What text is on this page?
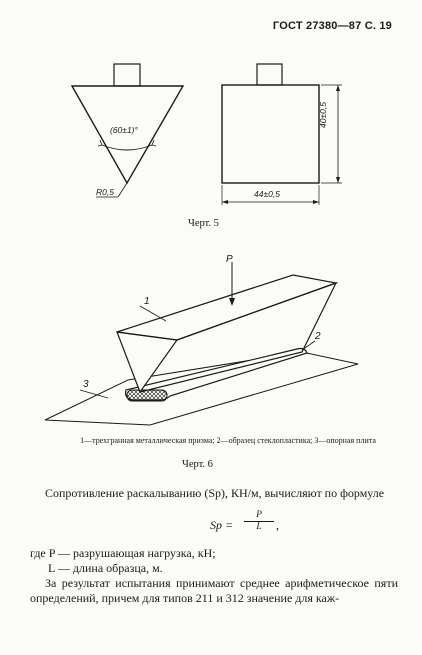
ГОСТ 27380—87 С. 19
(60±1)°
R0,5	44±0,5
40±0,5
Черт. 5
P
1
2
3
1—трехгранная металлическая призма; 2—образец стеклопластика; 3—опорная плита
Черт. 6
Сопротивление раскалыванию (Sр), КН/м, вычисляют по формуле
Sр = $\frac{P}{L}$ ,
где P — разрушающая нагрузка, кН;
L — длина образца, м.
За результат испытания принимают среднее арифметическое пяти определений, причем для типов 211 и 312 значение для каж-
